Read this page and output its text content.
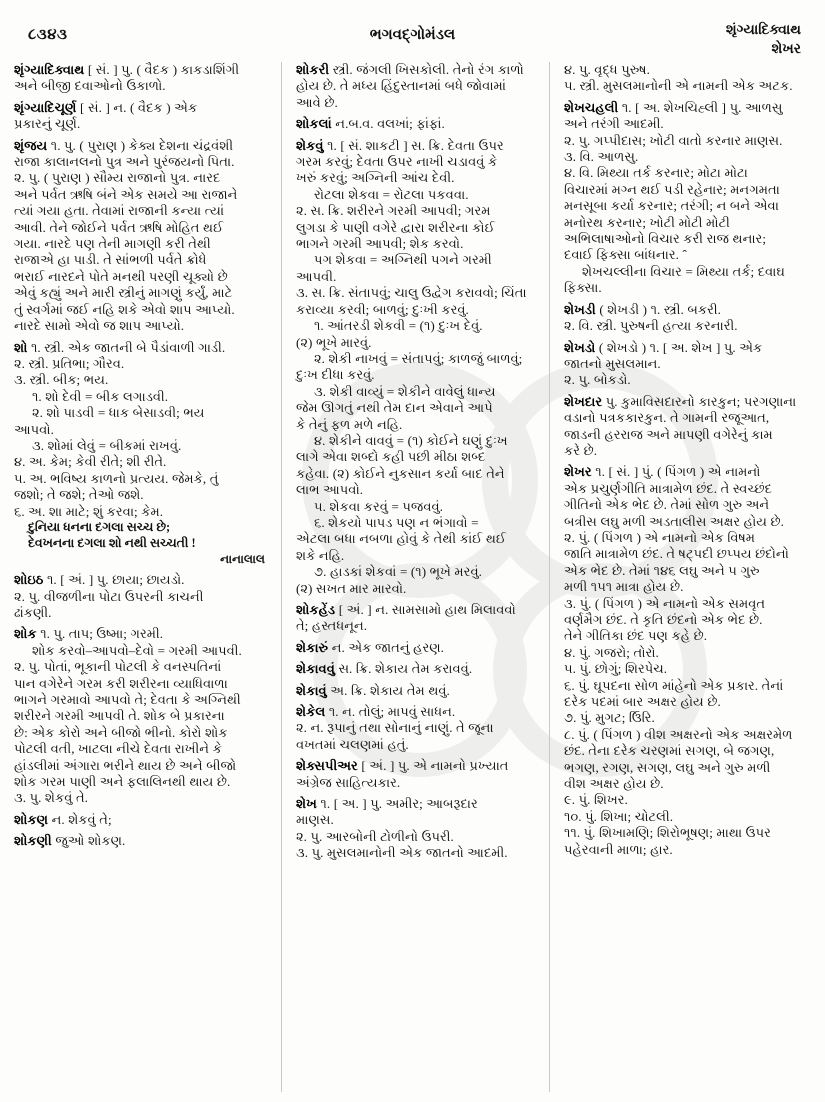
૮૩૪૩	ભગવદ્ગોમંડલ	શૃંગ્યાદિક્વાથ
શેખર

શૃંગ્યાદિક્વાથ [ સં. ] પુ. ( વૈદક ) કાકડાશિંગી

અને બીજી દવાઓનો ઉકાળો.

શૃંગ્યાદિચૂર્ણ [ સં. ] ન. ( વૈદક ) એક

પ્રકારનું ચૂર્ણ.

શૃંજય ૧. પુ. ( પુરાણ ) કેક્ય દેશના ચંદ્રવંશી

રાજા કાલાનલનો પુત્ર અને પુરંજયનો પિતા.

૨. પુ. ( પુરાણ ) સૌમ્ય રાજાનો પુત્ર. નારદ

અને પર્વત ઋષિ બંને એક સમયે આ રાજાને

ત્યાં ગયા હતા. તેવામાં રાજાની કન્યા ત્યાં

આવી. તેને જોઈને પર્વત ઋષિ મોહિત થઈ

ગયા. નારદે પણ તેની માગણી કરી તેથી

રાજાએ હા પાડી. તે સાંભળી પર્વતે ક્રોધે

ભરાઈ નારદને પોતે મનથી પરણી ચૂક્યો છે

એવું કહ્યું અને મારી સ્ત્રીનું માગણું કર્યું, માટે

તું સ્વર્ગમાં જઈ નહિ શકે એવો શાપ આપ્યો.

નારદે સામો એવો જ શાપ આપ્યો.

શો ૧. સ્ત્રી. એક જાતની બે પૈડાંવાળી ગાડી.

૨. સ્ત્રી. પ્રતિભા; ગૌરવ.

૩. સ્ત્રી. બીક; ભય.

૧. શો દેવી = બીક લગાડવી.

૨. શો પાડવી = ધાક બેસાડવી; ભય

આપવો.

૩. શોમાં લેવું = બીકમાં રાખવું.

૪. અ. કેમ; કેવી રીતે; શી રીતે.

૫. અ. ભવિષ્ય કાળનો પ્રત્યય. જેમકે, તું

જશો; તે જશે; તેઓ જશે.

૬. અ. શા માટે; શું કરવા; કેમ.

દુનિયા ધનના દગલા સચ્ચ છે;

દેવખનના દગલા શો નથી સચ્ચતી !

નાનાલાલ

શોઇઠ ૧. [ અં. ] પુ. છાયા; છાયડો.

૨. પુ. વીજળીના પોટા ઉપરની કાચની

ઢાંકણી.

શોક ૧. પુ. તાપ; ઉષ્મા; ગરમી.

શોક કરવો–આપવો–દેવો = ગરમી આપવી.

૨. પુ. પોતાં, ભૂકાની પોટલી કે વનસ્પતિનાં

પાન વગેરેને ગરમ કરી શરીરના વ્યાધિવાળા

ભાગને ગરમાવો આપવો તે; દેવતા કે અગ્નિથી

શરીરને ગરમી આપવી તે. શોક બે પ્રકારના

છે: એક કોરો અને બીજો ભીનો. કોરો શોક

પોટલી વતી, ખાટલા નીચે દેવતા રાખીને કે

હાંડલીમાં અંગારા ભરીને થાય છે અને બીજો

શોક ગરમ પાણી અને ફલાલિનથી થાય છે.

૩. પુ. શેકવું તે.

શોકણ ન. શેકવું તે;

શોકણી જુઓ શોકણ.

શોકરી સ્ત્રી. જંગલી ખિસકોલી. તેનો રંગ કાળો

હોય છે. તે મધ્ય હિંદુસ્તાનમાં બધે જોવામાં

આવે છે.

શોકલાં ન.બ.વ. વલખાં; ફાંફાં.

શેકવું ૧. [ સં. શાકટી ] સ. ક્રિ. દેવતા ઉપર

ગરમ કરવું; દેવતા ઉપર નાખી ચડાવવું કે

ખરું કરવું; અગ્નિની આંચ દેવી.

રોટલા શેકવા = રોટલા પકવવા.

૨. સ. ક્રિ. શરીરને ગરમી આપવી; ગરમ

લુગડા કે પાણી વગેરે દ્વારા શરીરના કોઈ

ભાગને ગરમી આપવી; શેક કરવો.

પગ શેકવા = અગ્નિથી પગને ગરમી

આપવી.

૩. સ. ક્રિ. સંતાપવું; ચાલુ ઉદ્વેગ કરાવવો; ચિંતા

કરાવ્યા કરવી; બાળવું; દુઃખી કરવું.

૧. આંતરડી શેકવી = (૧) દુઃખ દેવું.

(૨) ભૂખે મારવું.

૨. શેકી નાખવું = સંતાપવું; કાળજું બાળવું;

દુઃખ દીધા કરવું.

૩. શેકી વાવ્યું = શેકીને વાવેલું ધાન્ય

જેમ ઊગતું નથી તેમ દાન એવાને આપે

કે તેનું ફળ મળે નહિ.

૪. શેકીને વાવવું = (૧) કોઈને ઘણું દુઃખ

લાગે એવા શબ્દો કહી પછી મીઠા શબ્દ

કહેવા. (૨) કોઈને નુકસાન કર્યા બાદ તેને

લાભ આપવો.

૫. શેકવા કરવું = પજવવું.

૬. શેકયો પાપડ પણ ન ભંગાવો =

એટલા બધા નબળા હોવું કે તેથી કાંઈ થઈ

શકે નહિ.

૭. હાડકાં શેકવાં = (૧) ભૂખે મરવું.

(૨) સખત માર મારવો.

શોકહેંડ [ અં. ] ન. સામસામો હાથ મિલાવવો

તે; હસ્તધનૂન.

શેકારું ન. એક જાતનું હરણ.

શેકાવવું સ. ક્રિ. શેકાય તેમ કરાવવું.

શેકાવું અ. ક્રિ. શેકાય તેમ થવું.

શેકેલ ૧. ન. તોલું; માપવું સાધન.

૨. ન. રૂપાનું તથા સોનાનું નાણું. તે જૂના

વખતમાં ચલણમાં હતું.

શેક્સપીઅર [ અં. ] પુ. એ નામનો પ્રખ્યાત

અંગ્રેજ સાહિત્યકાર.

શેખ ૧. [ અ. ] પુ. અમીર; આબરૂદાર

માણસ.

૨. પુ. આરબોની ટોળીનો ઉપરી.

૩. પુ. મુસલમાનોની એક જાતનો આદમી.

૪. પુ. વૃદ્ધ પુરુષ.

૫. સ્ત્રી. મુસલમાનોની એ નામની એક અટક.

શેખચહલી ૧. [ અ. શેખચિહ્લી ] પુ. આળસુ

અને તરંગી આદમી.

૨. પુ. ગપ્પીદાસ; ખોટી વાતો કરનાર માણસ.

૩. વિ. આળસુ.

૪. વિ. મિથ્યા તર્ક કરનાર; મોટા મોટા

વિચારમાં મગ્ન થઈ પડી રહેનાર; મનગમતા

મનસૂબા કર્યા કરનાર; તરંગી; ન બને એવા

મનોરથ કરનાર; ખોટી મોટી મોટી

અભિલાષાઓનો વિચાર કરી રાજ થનાર;

દવાઈ ફિક્સા બાંધનાર. ˆ

શેખચલ્લીના વિચાર = મિથ્યા તર્ક; દવાઘ

ફિક્સા.

શેખડી ( શેખડી ) ૧. સ્ત્રી. બકરી.

૨. વિ. સ્ત્રી. પુરુષની હત્યા કરનારી.

શેખડો ( શેખડો ) ૧. [ અ. શેખ ] પુ. એક

જાતનો મુસલમાન.

૨. પુ. બોકડો.

શેખદાર પુ. કુમાવિસદારનો કારકુન; પરગણાના

વડાનો પત્રકકારકુન. તે ગામની રજૂઆત,

જાડની હરરાજ અને માપણી વગેરેનું કામ

કરે છે.

શેખર ૧. [ સં. ] પું. ( પિંગળ ) એ નામનો

એક પ્રચુર્ણગીતિ માત્રામેળ છંદ. તે સ્વચ્છંદ

ગીતિનો એક ભેદ છે. તેમાં સોળ ગુરુ અને

બત્રીસ લઘુ મળી અડતાલીસ અક્ષર હોય છે.

૨. પું. ( પિંગળ ) એ નામનો એક વિષમ

જાતિ માત્રામેળ છંદ. તે ષટ્પદી છપ્પય છંદોનો

એક ભેદ છે. તેમાં ૧૪૬ લઘુ અને ૫ ગુરુ

મળી ૧૫૧ માત્રા હોય છે.

૩. પું. ( પિંગળ ) એ નામનો એક સમવૃત

વર્ણમૈગ છંદ. તે કૃતિ છંદનો એક ભેદ છે.

તેને ગીતિકા છંદ પણ કહે છે.

૪. પું. ગજરો; તોરો.

૫. પું. છોગું; શિરપેચ.

૬. પું. ઘૂપદના સોળ માંહેનો એક પ્રકાર. તેનાં

દરેક પદમાં બાર અક્ષર હોય છે.

૭. પું. મુગટ; ઉિરિ.

૮. પું. ( પિંગળ ) વીશ અક્ષરનો એક અક્ષરમેળ

છંદ. તેના દરેક ચરણમાં સગણ, બે જગણ,

ભગણ, રગણ, સગણ, લઘુ અને ગુરુ મળી

વીશ અક્ષર હોય છે.

૯. પું. શિખર.

૧૦. પું. શિખા; ચોટલી.

૧૧. પું. શિખામણિ; શિરોભૂષણ; માથા ઉપર

પહેરવાની માળા; હાર.
